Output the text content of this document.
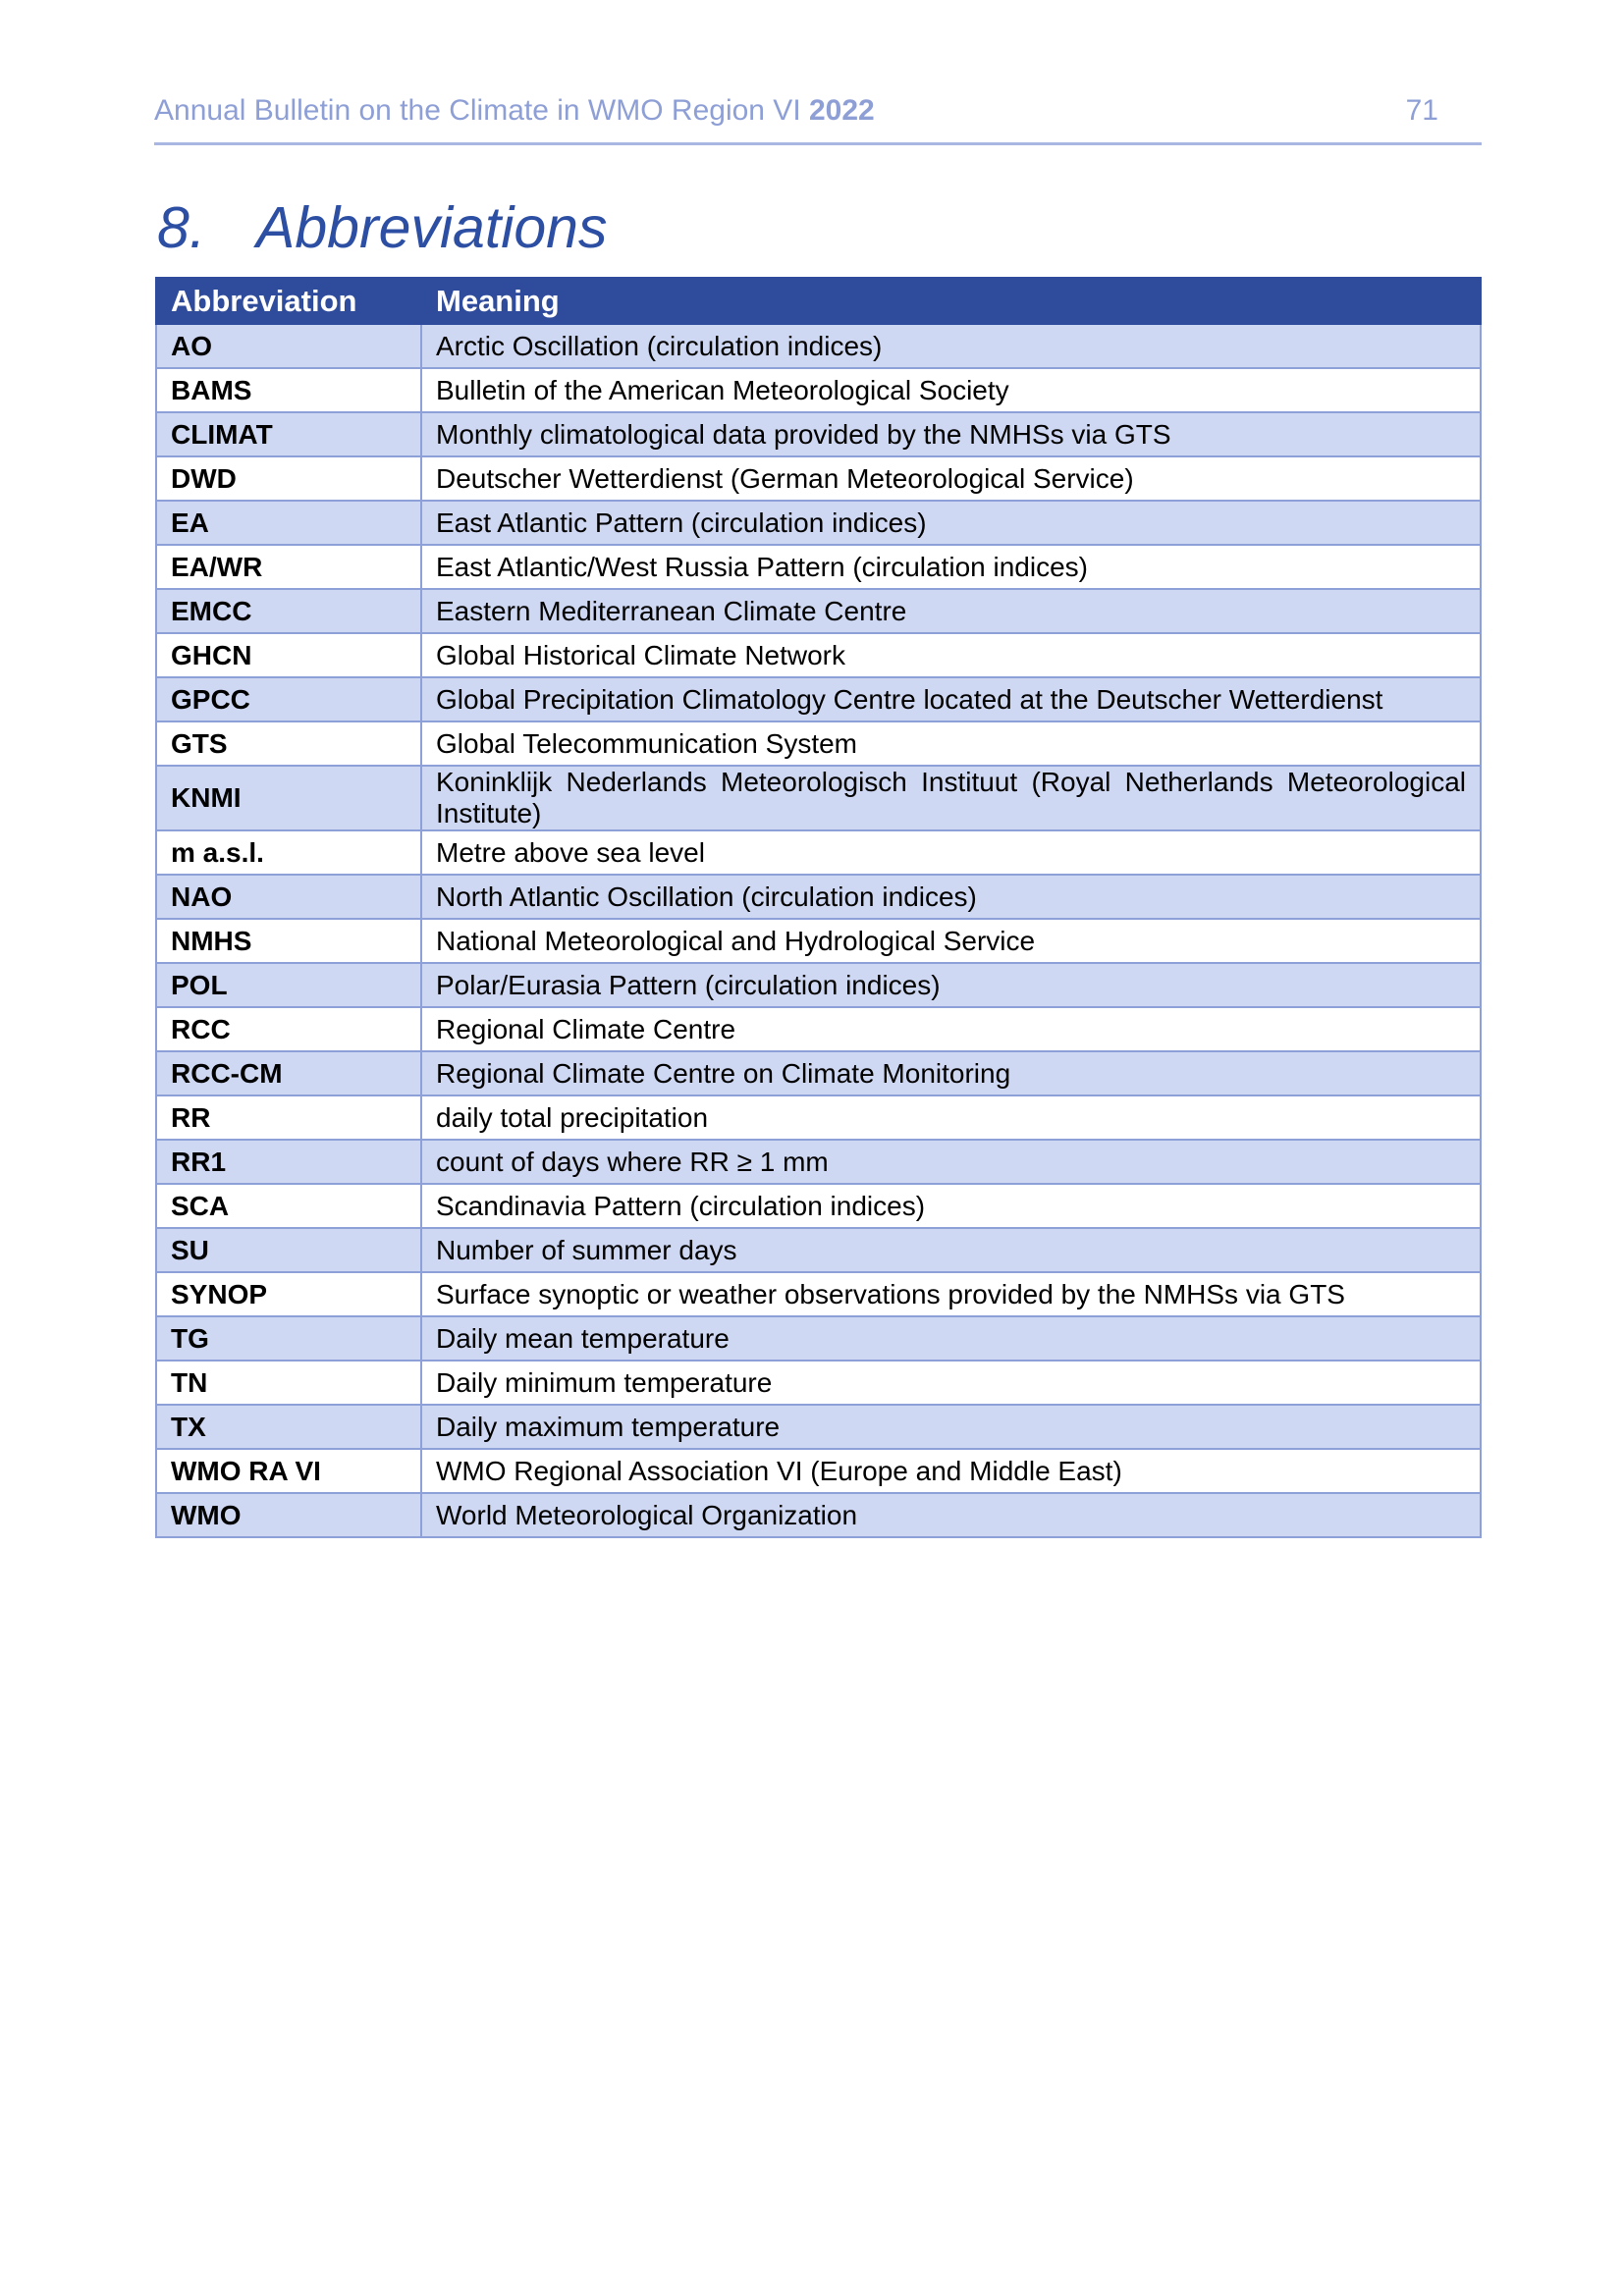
Annual Bulletin on the Climate in WMO Region VI 2022	71
8. Abbreviations
Abbreviation	Meaning
AO	Arctic Oscillation (circulation indices)
BAMS	Bulletin of the American Meteorological Society
CLIMAT	Monthly climatological data provided by the NMHSs via GTS
DWD	Deutscher Wetterdienst (German Meteorological Service)
EA	East Atlantic Pattern (circulation indices)
EA/WR	East Atlantic/West Russia Pattern (circulation indices)
EMCC	Eastern Mediterranean Climate Centre
GHCN	Global Historical Climate Network
GPCC	Global Precipitation Climatology Centre located at the Deutscher Wetterdienst
GTS	Global Telecommunication System
KNMI	Koninklijk Nederlands Meteorologisch Instituut (Royal Netherlands Meteorological Institute)
m a.s.l.	Metre above sea level
NAO	North Atlantic Oscillation (circulation indices)
NMHS	National Meteorological and Hydrological Service
POL	Polar/Eurasia Pattern (circulation indices)
RCC	Regional Climate Centre
RCC-CM	Regional Climate Centre on Climate Monitoring
RR	daily total precipitation
RR1	count of days where RR ≥ 1 mm
SCA	Scandinavia Pattern (circulation indices)
SU	Number of summer days
SYNOP	Surface synoptic or weather observations provided by the NMHSs via GTS
TG	Daily mean temperature
TN	Daily minimum temperature
TX	Daily maximum temperature
WMO RA VI	WMO Regional Association VI (Europe and Middle East)
WMO	World Meteorological Organization
